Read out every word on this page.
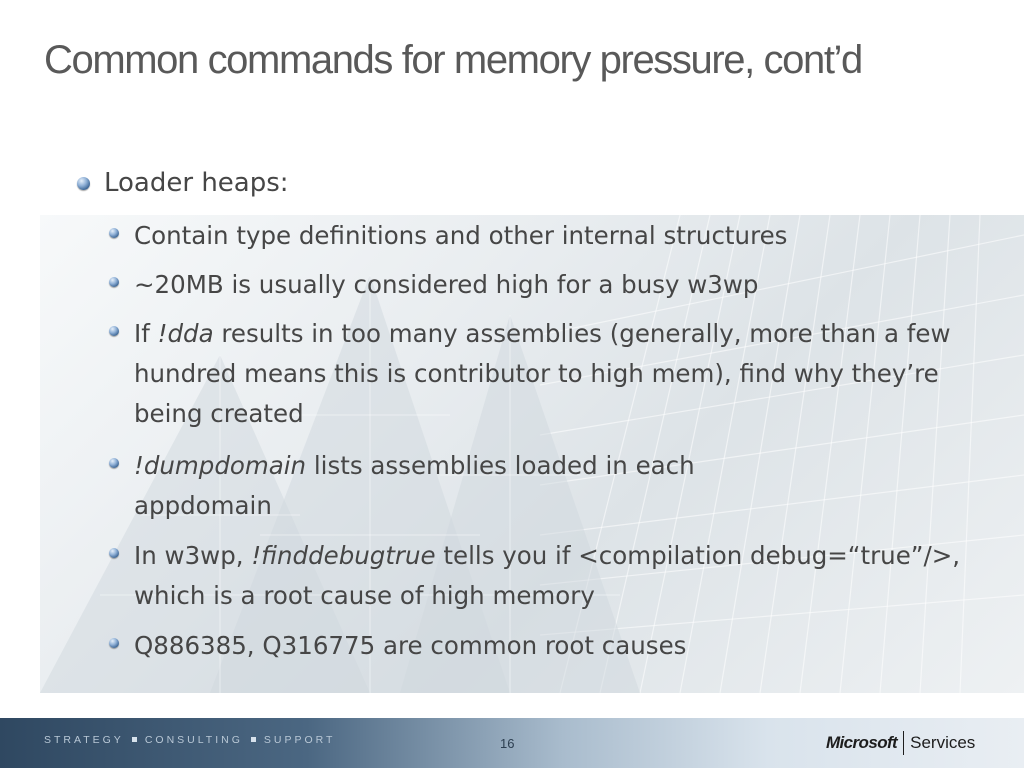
Common commands for memory pressure, cont’d
Loader heaps:
Contain type definitions and other internal structures
~20MB is usually considered high for a busy w3wp
If !dda results in too many assemblies (generally, more than a few hundred means this is contributor to high mem), find why they’re being created
!dumpdomain lists assemblies loaded in each appdomain
In w3wp, !finddebugtrue tells you if <compilation debug=“true”/>, which is a root cause of high memory
Q886385, Q316775 are common root causes
STRATEGY CONSULTING SUPPORT	16	Microsoft Services
